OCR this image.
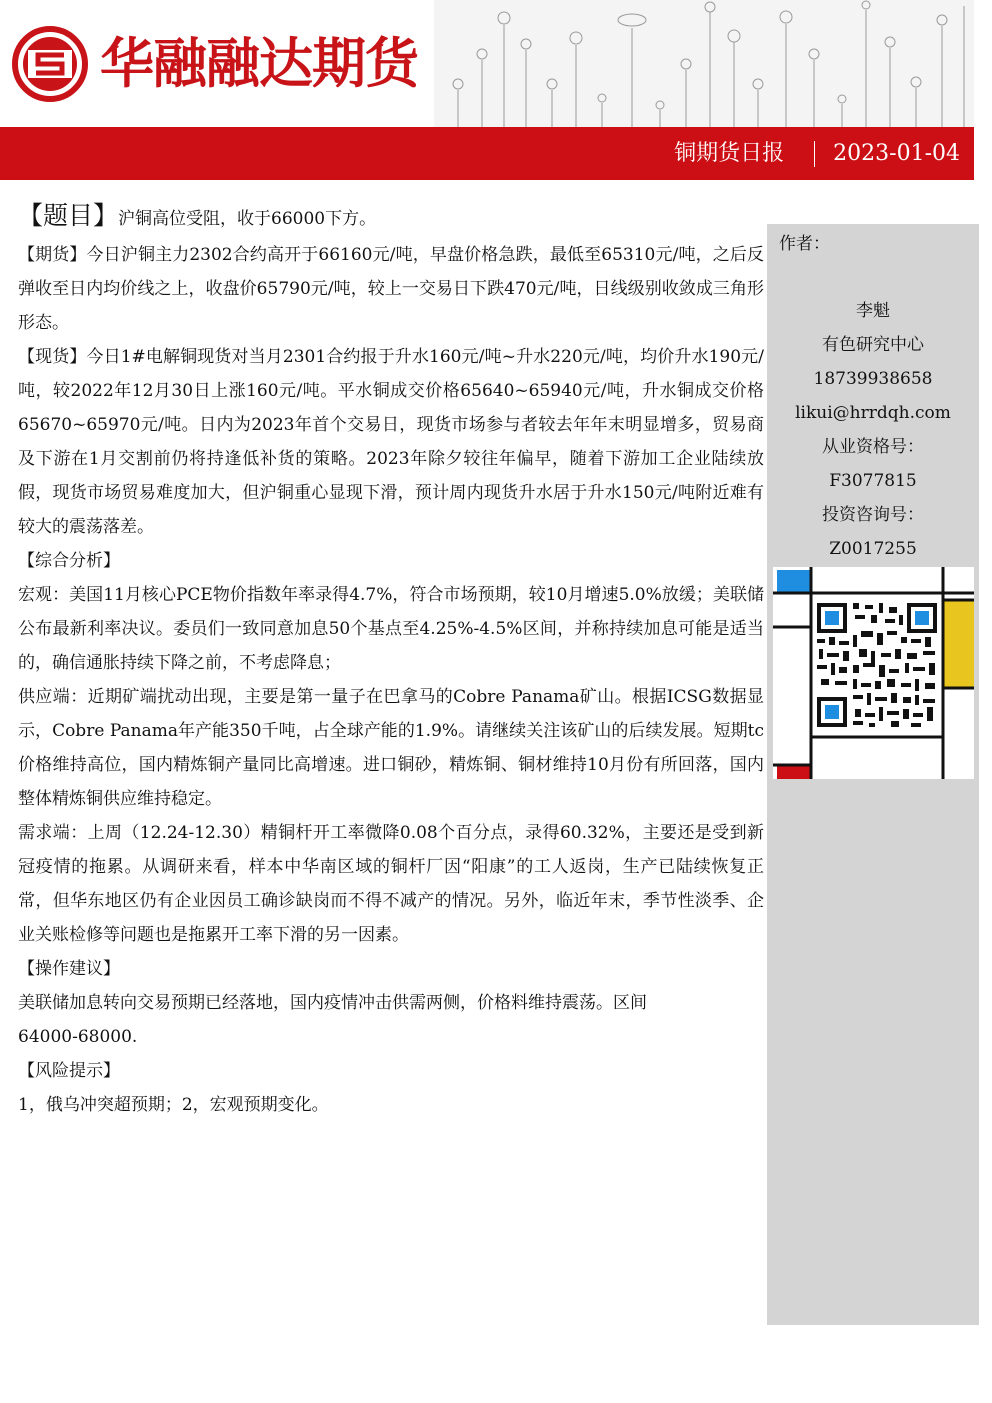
华融融达期货
铜期货日报 2023-01-04

【题目】沪铜高位受阻，收于66000下方。

【期货】今日沪铜主力2302合约高开于66160元/吨，早盘价格急跌，最低至65310元/吨，之后反弹收至日内均价线之上，收盘价65790元/吨，较上一交易日下跌470元/吨，日线级别收敛成三角形形态。

【现货】今日1#电解铜现货对当月2301合约报于升水160元/吨~升水220元/吨，均价升水190元/吨，较2022年12月30日上涨160元/吨。平水铜成交价格65640~65940元/吨，升水铜成交价格65670~65970元/吨。日内为2023年首个交易日，现货市场参与者较去年年末明显增多，贸易商及下游在1月交割前仍将持逢低补货的策略。2023年除夕较往年偏早，随着下游加工企业陆续放假，现货市场贸易难度加大，但沪铜重心显现下滑，预计周内现货升水居于升水150元/吨附近难有较大的震荡落差。

【综合分析】

宏观：美国11月核心PCE物价指数年率录得4.7%，符合市场预期，较10月增速5.0%放缓；美联储公布最新利率决议。委员们一致同意加息50个基点至4.25%-4.5%区间，并称持续加息可能是适当的，确信通胀持续下降之前，不考虑降息；

供应端：近期矿端扰动出现，主要是第一量子在巴拿马的Cobre Panama矿山。根据ICSG数据显示，Cobre Panama年产能350千吨，占全球产能的1.9%。请继续关注该矿山的后续发展。短期tc价格维持高位，国内精炼铜产量同比高增速。进口铜砂，精炼铜、铜材维持10月份有所回落，国内整体精炼铜供应维持稳定。

需求端：上周（12.24-12.30）精铜杆开工率微降0.08个百分点，录得60.32%，主要还是受到新冠疫情的拖累。从调研来看，样本中华南区域的铜杆厂因“阳康”的工人返岗，生产已陆续恢复正常，但华东地区仍有企业因员工确诊缺岗而不得不减产的情况。另外，临近年末，季节性淡季、企业关账检修等问题也是拖累开工率下滑的另一因素。

【操作建议】

美联储加息转向交易预期已经落地，国内疫情冲击供需两侧，价格料维持震荡。区间

64000-68000.

【风险提示】

1，俄乌冲突超预期；2，宏观预期变化。

作者：
李魁
有色研究中心
18739938658
likui@hrrdqh.com
从业资格号：
F3077815
投资咨询号：
Z0017255
